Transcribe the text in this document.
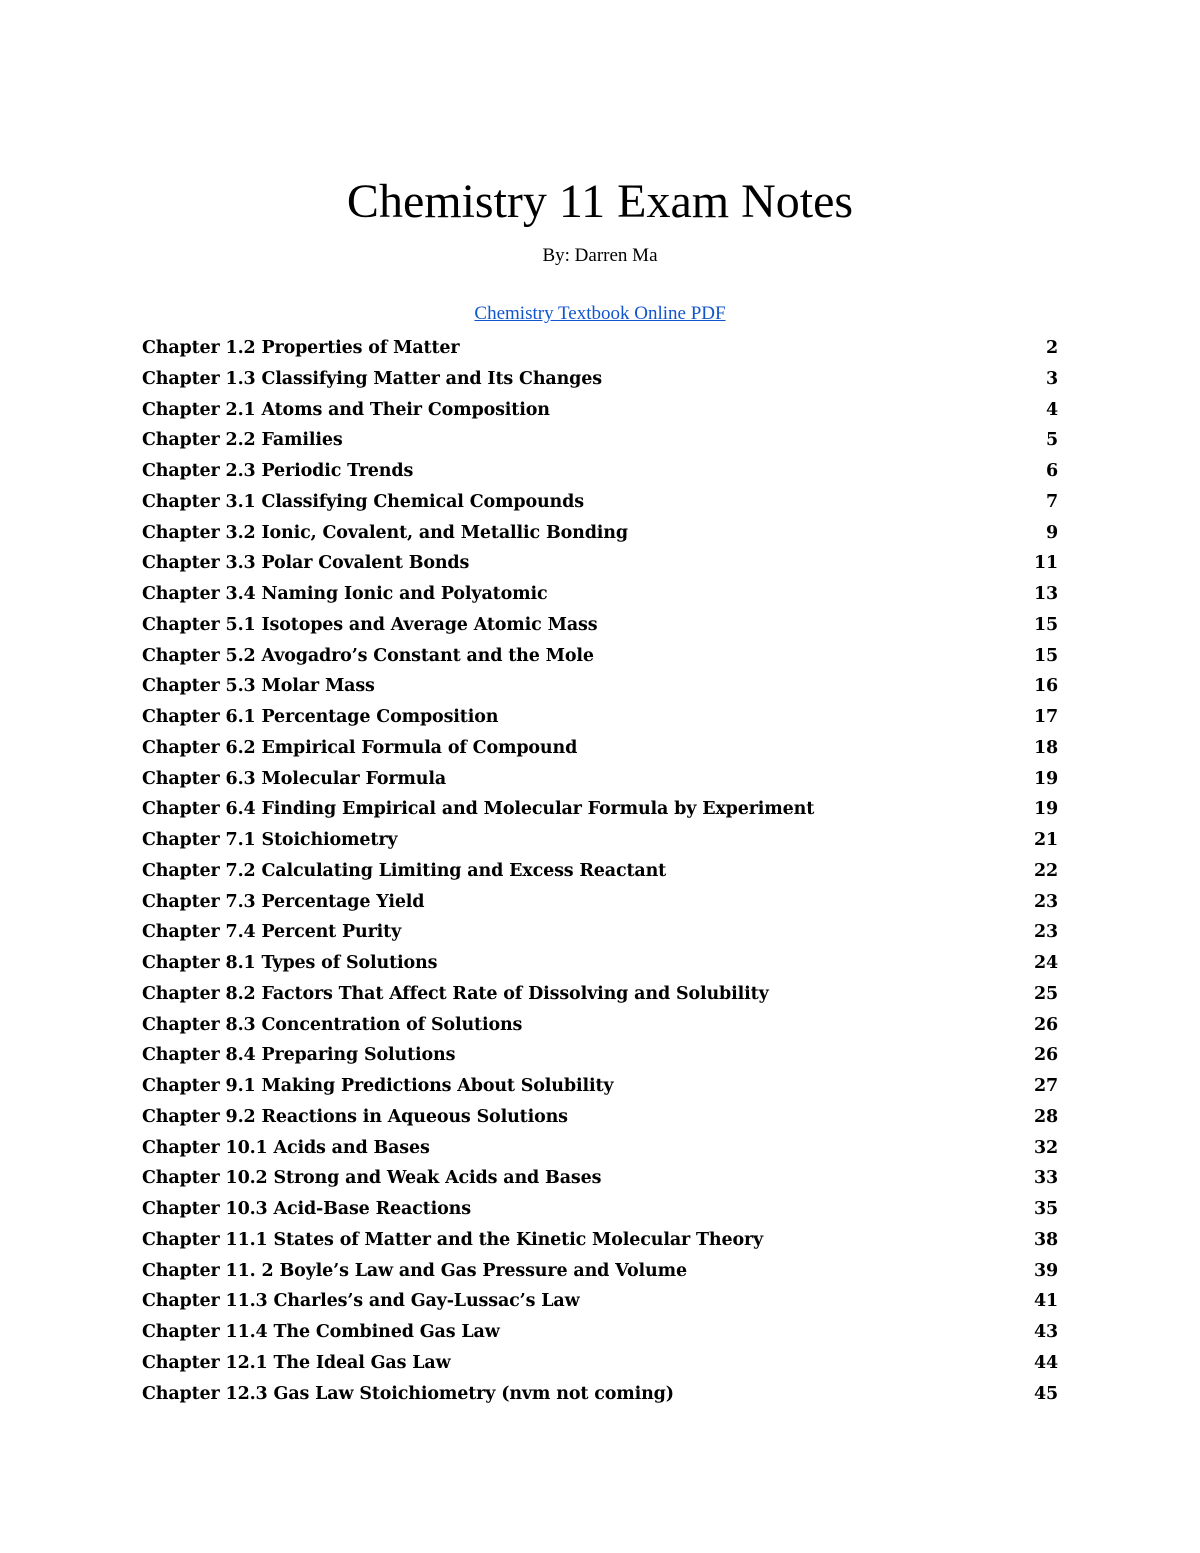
Chemistry 11 Exam Notes
By: Darren Ma
Chemistry Textbook Online PDF
Chapter 1.2 Properties of Matter	2
Chapter 1.3 Classifying Matter and Its Changes	3
Chapter 2.1 Atoms and Their Composition	4
Chapter 2.2 Families	5
Chapter 2.3 Periodic Trends	6
Chapter 3.1 Classifying Chemical Compounds	7
Chapter 3.2 Ionic, Covalent, and Metallic Bonding	9
Chapter 3.3 Polar Covalent Bonds	11
Chapter 3.4 Naming Ionic and Polyatomic	13
Chapter 5.1 Isotopes and Average Atomic Mass	15
Chapter 5.2 Avogadro’s Constant and the Mole	15
Chapter 5.3 Molar Mass	16
Chapter 6.1 Percentage Composition	17
Chapter 6.2 Empirical Formula of Compound	18
Chapter 6.3 Molecular Formula	19
Chapter 6.4 Finding Empirical and Molecular Formula by Experiment	19
Chapter 7.1 Stoichiometry	21
Chapter 7.2 Calculating Limiting and Excess Reactant	22
Chapter 7.3 Percentage Yield	23
Chapter 7.4 Percent Purity	23
Chapter 8.1 Types of Solutions	24
Chapter 8.2 Factors That Affect Rate of Dissolving and Solubility	25
Chapter 8.3 Concentration of Solutions	26
Chapter 8.4 Preparing Solutions	26
Chapter 9.1 Making Predictions About Solubility	27
Chapter 9.2 Reactions in Aqueous Solutions	28
Chapter 10.1 Acids and Bases	32
Chapter 10.2 Strong and Weak Acids and Bases	33
Chapter 10.3 Acid-Base Reactions	35
Chapter 11.1 States of Matter and the Kinetic Molecular Theory	38
Chapter 11. 2 Boyle’s Law and Gas Pressure and Volume	39
Chapter 11.3 Charles’s and Gay-Lussac’s Law	41
Chapter 11.4 The Combined Gas Law	43
Chapter 12.1 The Ideal Gas Law	44
Chapter 12.3 Gas Law Stoichiometry (nvm not coming)	45
